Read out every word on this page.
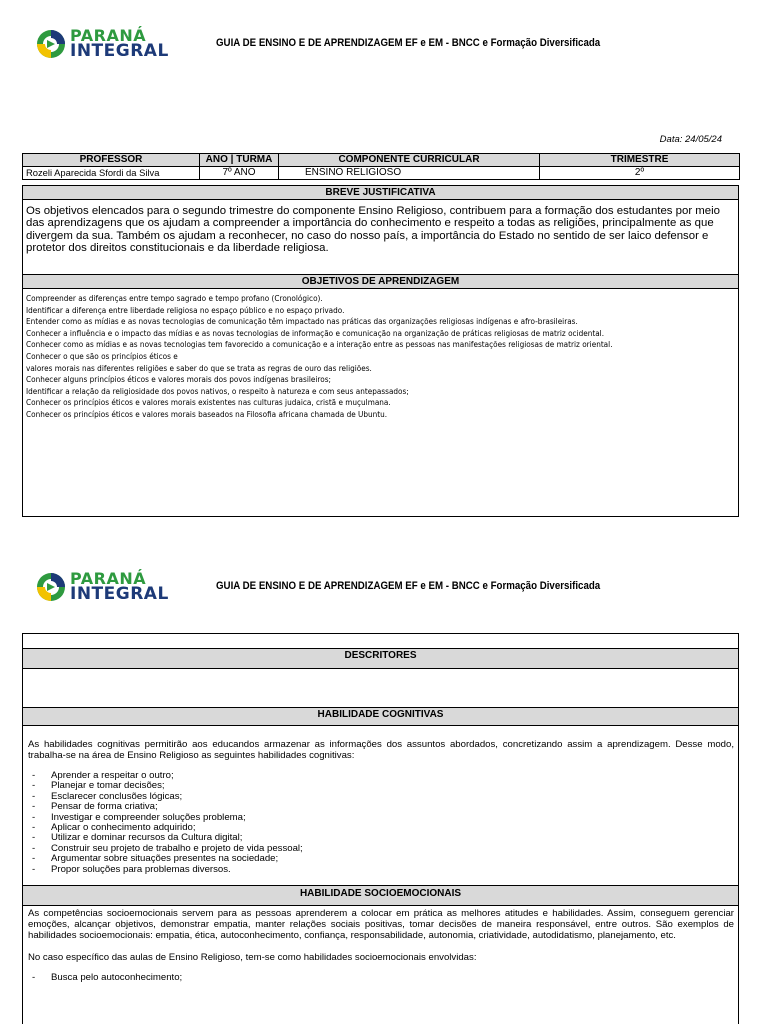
PARANÁ
INTEGRAL	GUIA DE ENSINO E DE APRENDIZAGEM EF e EM - BNCC e Formação Diversificada
Data: 24/05/24
PROFESSOR	ANO | TURMA	COMPONENTE CURRICULAR	TRIMESTRE
Rozeli Aparecida Sfordi da Silva	7º ANO	ENSINO RELIGIOSO	2º
BREVE JUSTIFICATIVA
Os objetivos elencados para o segundo trimestre do componente Ensino Religioso, contribuem para a formação dos estudantes por meio das aprendizagens que os ajudam a compreender a importância do conhecimento e respeito a todas as religiões, principalmente as que divergem da sua. Também os ajudam a reconhecer, no caso do nosso país, a importância do Estado no sentido de ser laico defensor e protetor dos direitos constitucionais e da liberdade religiosa.
OBJETIVOS DE APRENDIZAGEM
Compreender as diferenças entre tempo sagrado e tempo profano (Cronológico).
Identificar a diferença entre liberdade religiosa no espaço público e no espaço privado.
Entender como as mídias e as novas tecnologias de comunicação têm impactado nas práticas das organizações religiosas indígenas e afro-brasileiras.
Conhecer a influência e o impacto das mídias e as novas tecnologias de informação e comunicação na organização de práticas religiosas de matriz ocidental.
Conhecer como as mídias e as novas tecnologias tem favorecido a comunicação e a interação entre as pessoas nas manifestações religiosas de matriz oriental.
Conhecer o que são os princípios éticos e
valores morais nas diferentes religiões e saber do que se trata as regras de ouro das religiões.
Conhecer alguns princípios éticos e valores morais dos povos indígenas brasileiros;
Identificar a relação da religiosidade dos povos nativos, o respeito à natureza e com seus antepassados;
Conhecer os princípios éticos e valores morais existentes nas culturas judaica, cristã e muçulmana.
Conhecer os princípios éticos e valores morais baseados na Filosofia africana chamada de Ubuntu.
PARANÁ
INTEGRAL	GUIA DE ENSINO E DE APRENDIZAGEM EF e EM - BNCC e Formação Diversificada
DESCRITORES
HABILIDADE COGNITIVAS
As habilidades cognitivas permitirão aos educandos armazenar as informações dos assuntos abordados, concretizando assim a aprendizagem. Desse modo, trabalha-se na área de Ensino Religioso as seguintes habilidades cognitivas:
- Aprender a respeitar o outro;
- Planejar e tomar decisões;
- Esclarecer conclusões lógicas;
- Pensar de forma criativa;
- Investigar e compreender soluções problema;
- Aplicar o conhecimento adquirido;
- Utilizar e dominar recursos da Cultura digital;
- Construir seu projeto de trabalho e projeto de vida pessoal;
- Argumentar sobre situações presentes na sociedade;
- Propor soluções para problemas diversos.
HABILIDADE SOCIOEMOCIONAIS
As competências socioemocionais servem para as pessoas aprenderem a colocar em prática as melhores atitudes e habilidades. Assim, conseguem gerenciar emoções, alcançar objetivos, demonstrar empatia, manter relações sociais positivas, tomar decisões de maneira responsável, entre outros. São exemplos de habilidades socioemocionais: empatia, ética, autoconhecimento, confiança, responsabilidade, autonomia, criatividade, autodidatismo, planejamento, etc.
No caso específico das aulas de Ensino Religioso, tem-se como habilidades socioemocionais envolvidas:
- Busca pelo autoconhecimento;
